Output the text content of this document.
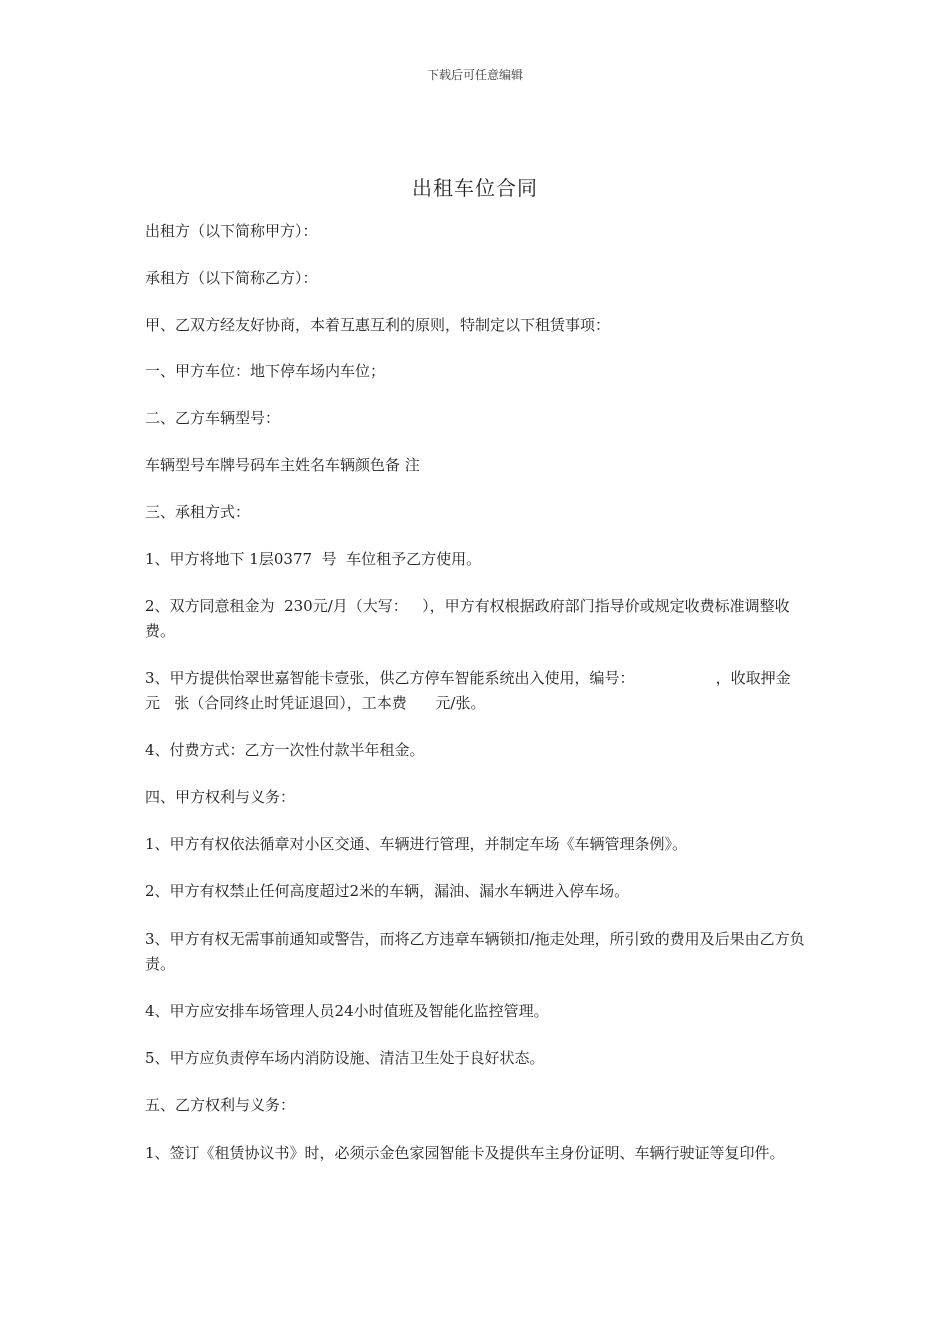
下载后可任意编辑
出租车位合同
出租方（以下简称甲方）：
承租方（以下简称乙方）：
甲、乙双方经友好协商，本着互惠互利的原则，特制定以下租赁事项：
一、甲方车位：地下停车场内车位；
二、乙方车辆型号：
车辆型号车牌号码车主姓名车辆颜色备 注
三、承租方式：
1、甲方将地下 1层0377  号  车位租予乙方使用。
2、双方同意租金为  230元/月（大写：   ），甲方有权根据政府部门指导价或规定收费标准调整收费。
3、甲方提供怡翠世嘉智能卡壹张，供乙方停车智能系统出入使用，编号：                 ，收取押金         元   张（合同终止时凭证退回），工本费      元/张。
4、付费方式：乙方一次性付款半年租金。
四、甲方权利与义务：
1、甲方有权依法循章对小区交通、车辆进行管理，并制定车场《车辆管理条例》。
2、甲方有权禁止任何高度超过2米的车辆，漏油、漏水车辆进入停车场。
3、甲方有权无需事前通知或警告，而将乙方违章车辆锁扣/拖走处理，所引致的费用及后果由乙方负责。
4、甲方应安排车场管理人员24小时值班及智能化监控管理。
5、甲方应负责停车场内消防设施、清洁卫生处于良好状态。
五、乙方权利与义务：
1、签订《租赁协议书》时，必须示金色家园智能卡及提供车主身份证明、车辆行驶证等复印件。
